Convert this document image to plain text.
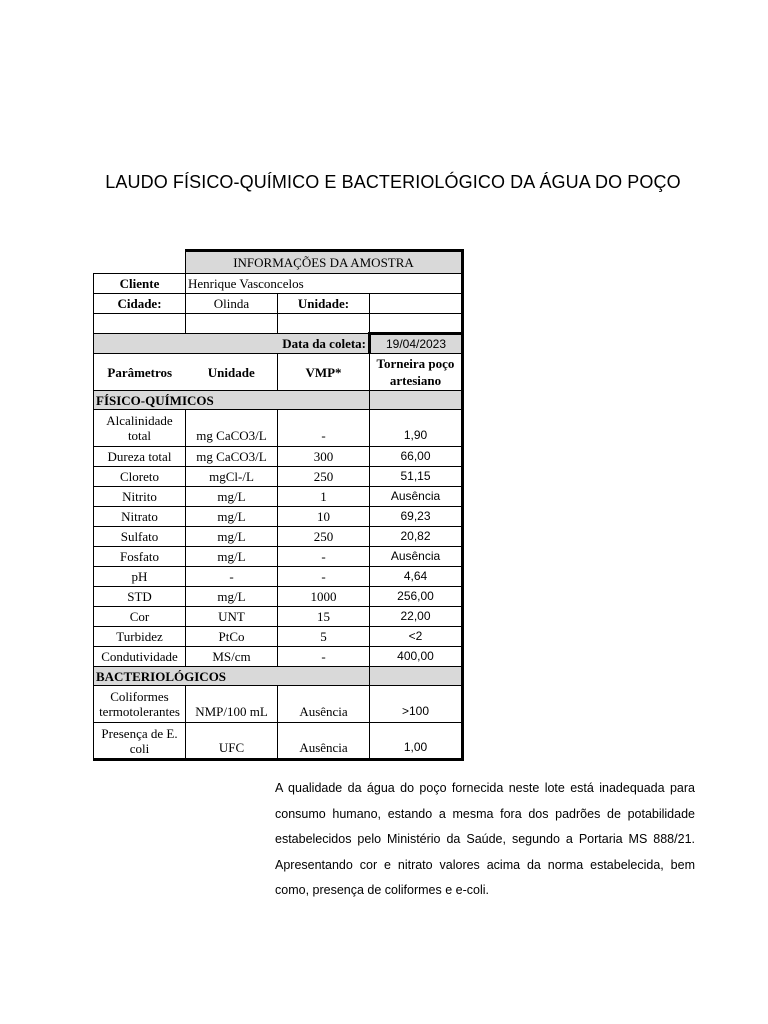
LAUDO FÍSICO-QUÍMICO E BACTERIOLÓGICO DA ÁGUA DO POÇO
	INFORMAÇÕES DA AMOSTRA		
Cliente	Henrique Vasconcelos		
Cidade:	Olinda	Unidade:	

Data da coleta:			19/04/2023
Parâmetros	Unidade	VMP*	Torneira poço artesiano
FÍSICO-QUÍMICOS			
Alcalinidade total	mg CaCO3/L	-	1,90
Dureza total	mg CaCO3/L	300	66,00
Cloreto	mgCl-/L	250	51,15
Nitrito	mg/L	1	Ausência
Nitrato	mg/L	10	69,23
Sulfato	mg/L	250	20,82
Fosfato	mg/L	-	Ausência
pH	-	-	4,64
STD	mg/L	1000	256,00
Cor	UNT	15	22,00
Turbidez	PtCo	5	<2
Condutividade	MS/cm	-	400,00
BACTERIOLÓGICOS			
Coliformes termotolerantes	NMP/100 mL	Ausência	>100
Presença de E. coli	UFC	Ausência	1,00
A qualidade da água do poço fornecida neste lote está inadequada para consumo humano, estando a mesma fora dos padrões de potabilidade estabelecidos pelo Ministério da Saúde, segundo a Portaria MS 888/21. Apresentando cor e nitrato valores acima da norma estabelecida, bem como, presença de coliformes e e-coli.
